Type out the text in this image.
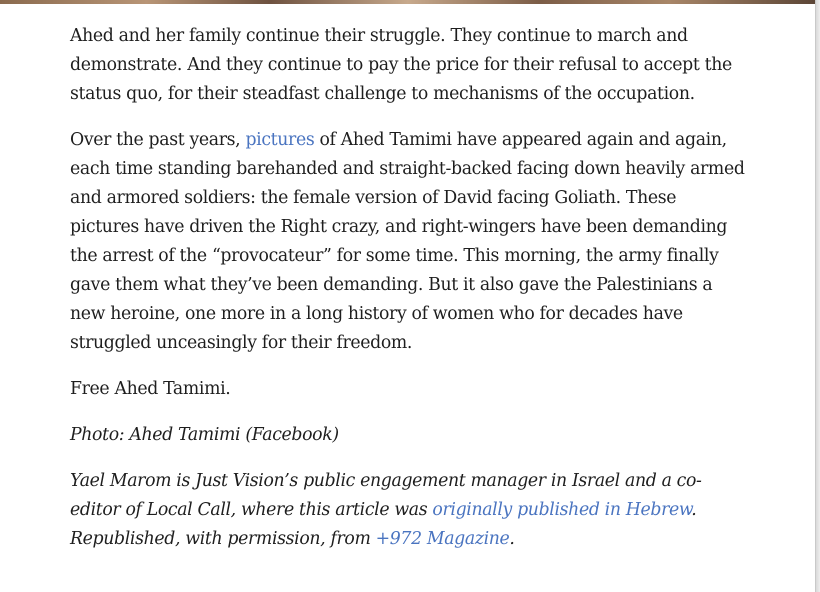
Ahed and her family continue their struggle. They continue to march and demonstrate. And they continue to pay the price for their refusal to accept the status quo, for their steadfast challenge to mechanisms of the occupation.

Over the past years, pictures of Ahed Tamimi have appeared again and again, each time standing barehanded and straight-backed facing down heavily armed and armored soldiers: the female version of David facing Goliath. These pictures have driven the Right crazy, and right-wingers have been demanding the arrest of the “provocateur” for some time. This morning, the army finally gave them what they’ve been demanding. But it also gave the Palestinians a new heroine, one more in a long history of women who for decades have struggled unceasingly for their freedom.

Free Ahed Tamimi.

Photo: Ahed Tamimi (Facebook)

Yael Marom is Just Vision’s public engagement manager in Israel and a co-editor of Local Call, where this article was originally published in Hebrew. Republished, with permission, from +972 Magazine.
